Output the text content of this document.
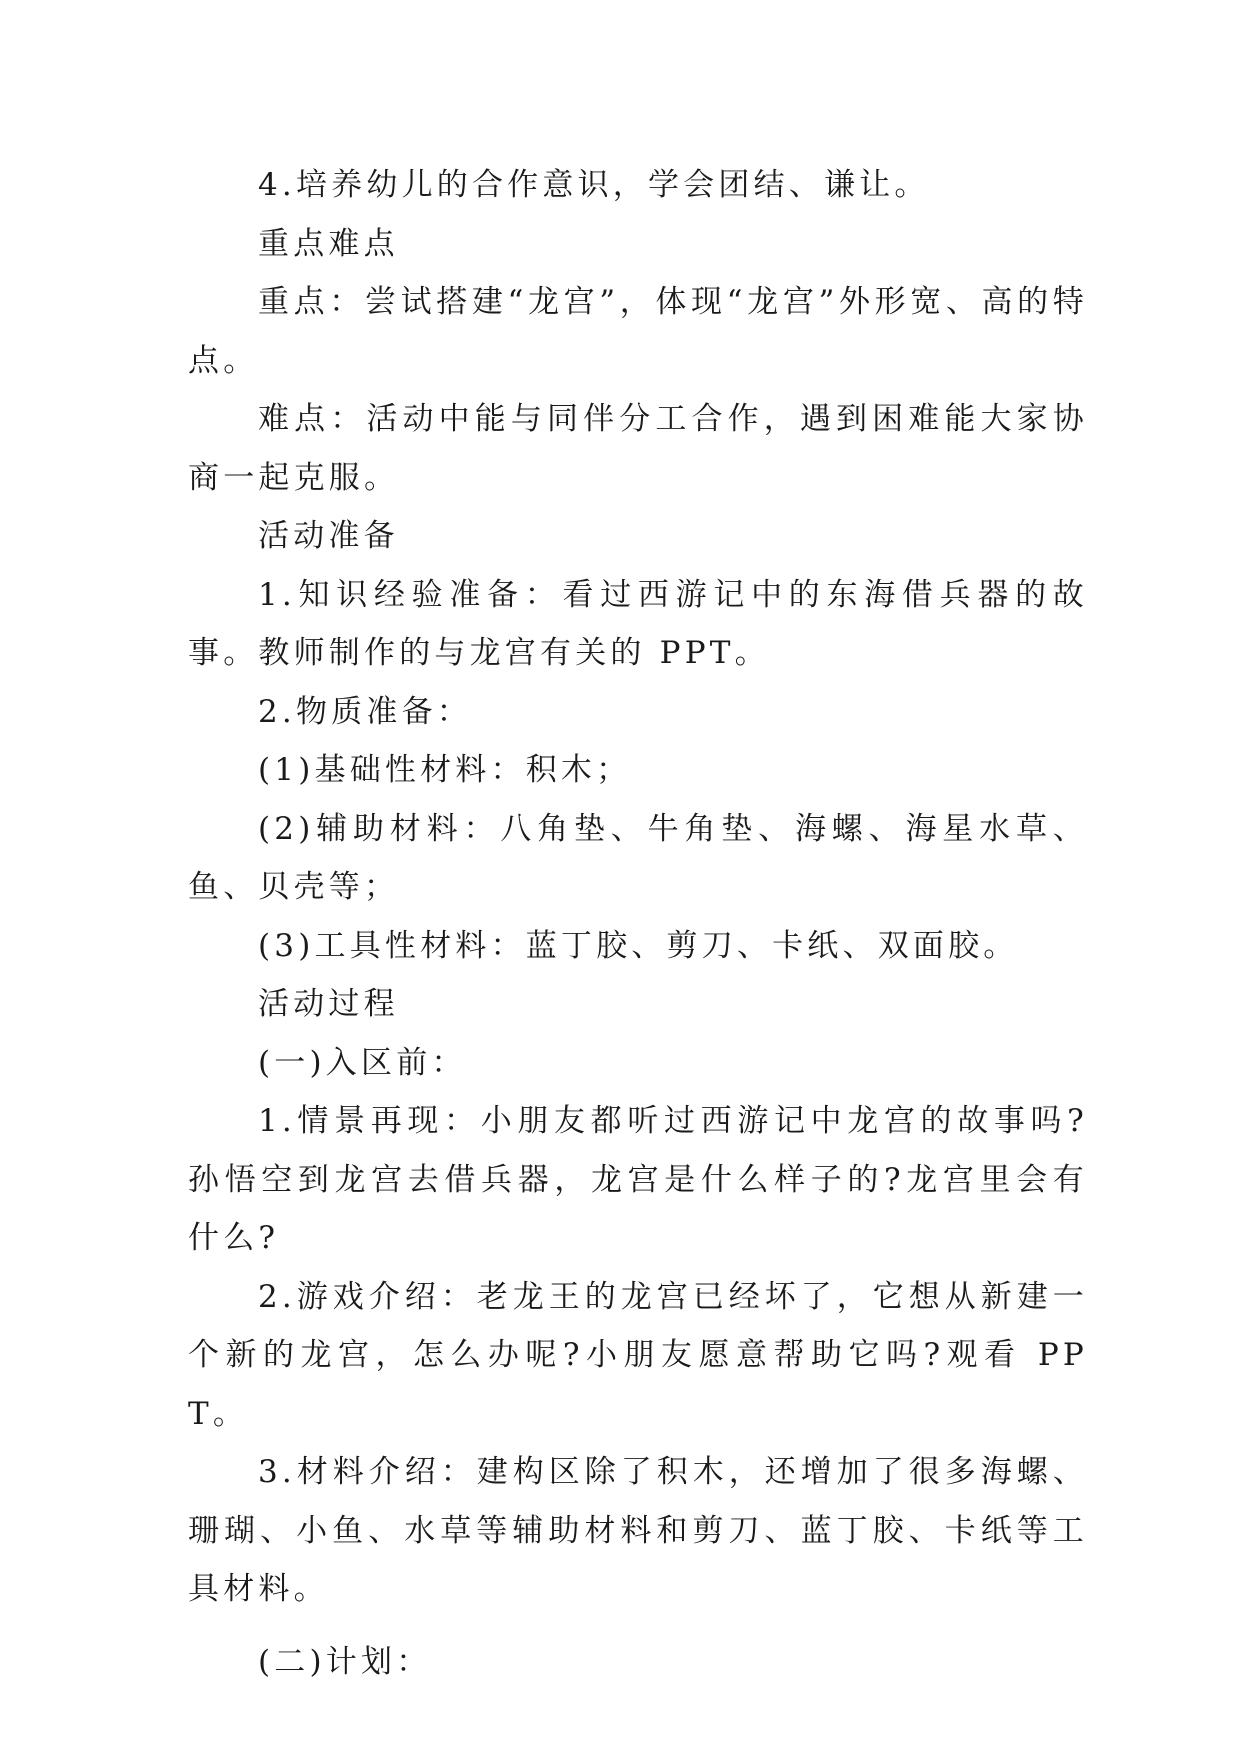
4.培养幼儿的合作意识，学会团结、谦让。

重点难点

重点：尝试搭建“龙宫”，体现“龙宫”外形宽、高的特点。

难点：活动中能与同伴分工合作，遇到困难能大家协商一起克服。

活动准备

1.知识经验准备：看过西游记中的东海借兵器的故事。教师制作的与龙宫有关的 PPT。

2.物质准备：

(1)基础性材料：积木；

(2)辅助材料：八角垫、牛角垫、海螺、海星水草、鱼、贝壳等；

(3)工具性材料：蓝丁胶、剪刀、卡纸、双面胶。

活动过程

(一)入区前：

1.情景再现：小朋友都听过西游记中龙宫的故事吗?孙悟空到龙宫去借兵器，龙宫是什么样子的?龙宫里会有什么?

2.游戏介绍：老龙王的龙宫已经坏了，它想从新建一个新的龙宫，怎么办呢?小朋友愿意帮助它吗?观看 PPT。

3.材料介绍：建构区除了积木，还增加了很多海螺、珊瑚、小鱼、水草等辅助材料和剪刀、蓝丁胶、卡纸等工具材料。

(二)计划：
